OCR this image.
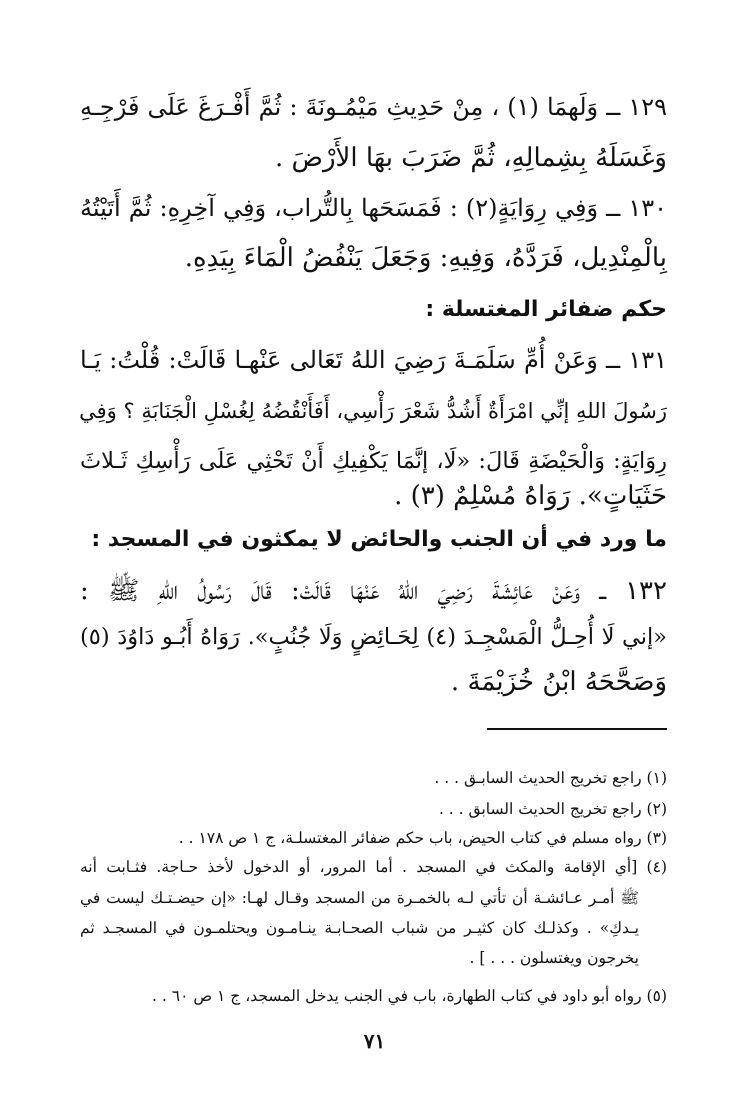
١٢٩ ــ وَلَهمَا (١) ، مِنْ حَدِيثِ مَيْمُـونَةَ : ثُمَّ أَفْـرَغَ عَلَى فَرْجِـهِ
وَغَسَلَهُ بِشِمالِهِ، ثُمَّ ضَرَبَ بهَا الأَرْضَ .
١٣٠ ــ وَفِي رِوَايَةٍ(٢) : فَمَسَحَها بِالتُّراب، وَفِي آخِرِهِ: ثُمَّ أَتَيْتُهُ
بِالْمِنْدِيل، فَرَدَّهُ، وَفِيهِ: وَجَعَلَ يَنْفُضُ الْمَاءَ بِيَدِهِ.
حكم ضفائر المغتسلة :
١٣١ ــ وَعَنْ أُمِّ سَلَمَـةَ رَضِيَ اللهُ تَعَالى عَنْهـا قَالَتْ: قُلْتُ: يَـا
رَسُولَ اللهِ إنِّي امْرَأَةٌ أَشُدُّ شَعْرَ رَأْسِي، أَفَأَنْقُضُهُ لِغُسْلِ الْجَنَابَةِ ؟ وَفِي
رِوَايَةٍ: وَالْحَيْضَةِ قَالَ: «لَا، إنَّمَا يَكْفِيكِ أَنْ تَحْثِي عَلَى رَأْسِكِ ثَـلاثَ
حَثَيَاتٍ». رَوَاهُ مُسْلِمٌ (٣) .
ما ورد في أن الجنب والحائض لا يمكثون في المسجد :
١٣٢ ــ وَعَنْ عَائِشَةَ رَضِيَ اللهُ عَنْهَا قَالَتْ: قَالَ رَسُولُ اللهِ ﷺ :
«إني لَا أُحِـلُّ الْمَسْجِـدَ (٤) لِحَـائِضٍ وَلَا جُنُبٍ». رَوَاهُ أَبُـو دَاوُدَ (٥)
وَصَحَّحَهُ ابْنُ خُزَيْمَةَ .
(١) راجع تخريج الحديث السابـق . . .
(٢) راجع تخريج الحديث السابق . . .
(٣) رواه مسلم في كتاب الحيض، باب حكم ضفائر المغتسلـة، ج ١ ص ١٧٨ . .
(٤) [أي الإقامة والمكث في المسجد . أما المرور، أو الدخول لأخذ حـاجة. فثـابت أنه
ﷺ أمـر عـائشـة أن تأتي لـه بالخمـرة من المسجد وقـال لهـا: «إن حيضـتـك ليست في
يـدكِ» . وكذلـك كان كثيـر من شباب الصحـابـة ينـامـون ويحتلمـون في المسجـد ثم
يخرجون ويغتسلون . . . ] .
(٥) رواه أبو داود في كتاب الطهارة، باب في الجنب يدخل المسجد، ج ١ ص ٦٠ . .
٧١
